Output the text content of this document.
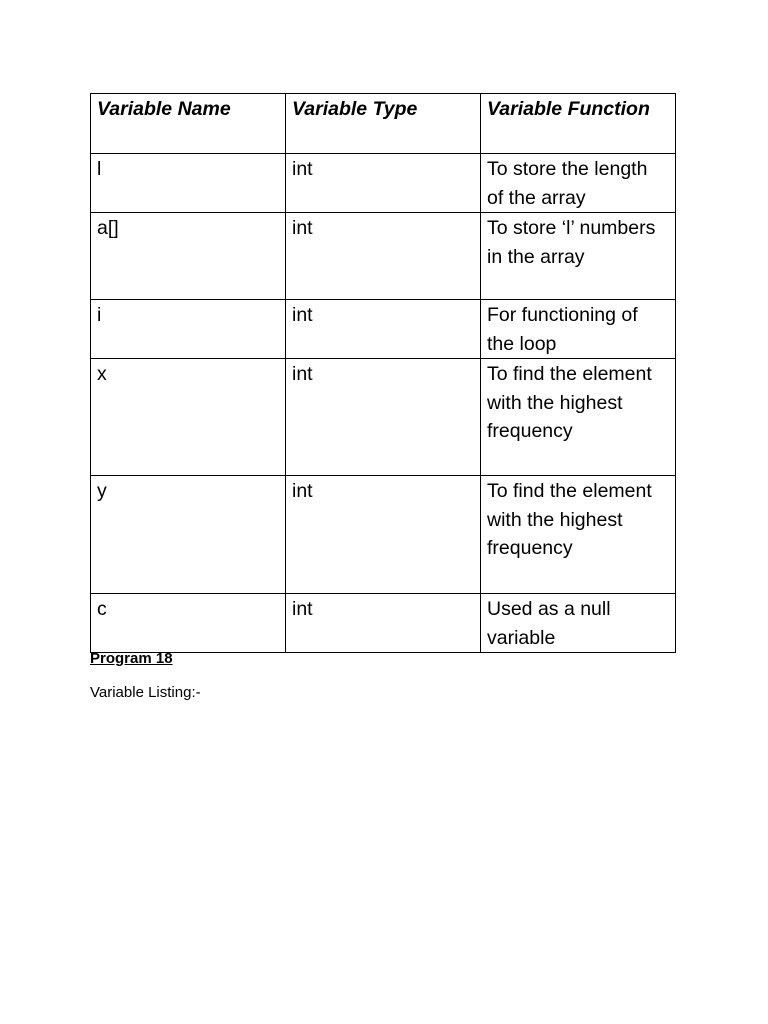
Variable Name	Variable Type	Variable Function
l	int	To store the length of the array
a[]	int	To store ‘l’ numbers in the array
i	int	For functioning of the loop
x	int	To find the element with the highest frequency
y	int	To find the element with the highest frequency
c	int	Used as a null variable

Program 18

Variable Listing:-
